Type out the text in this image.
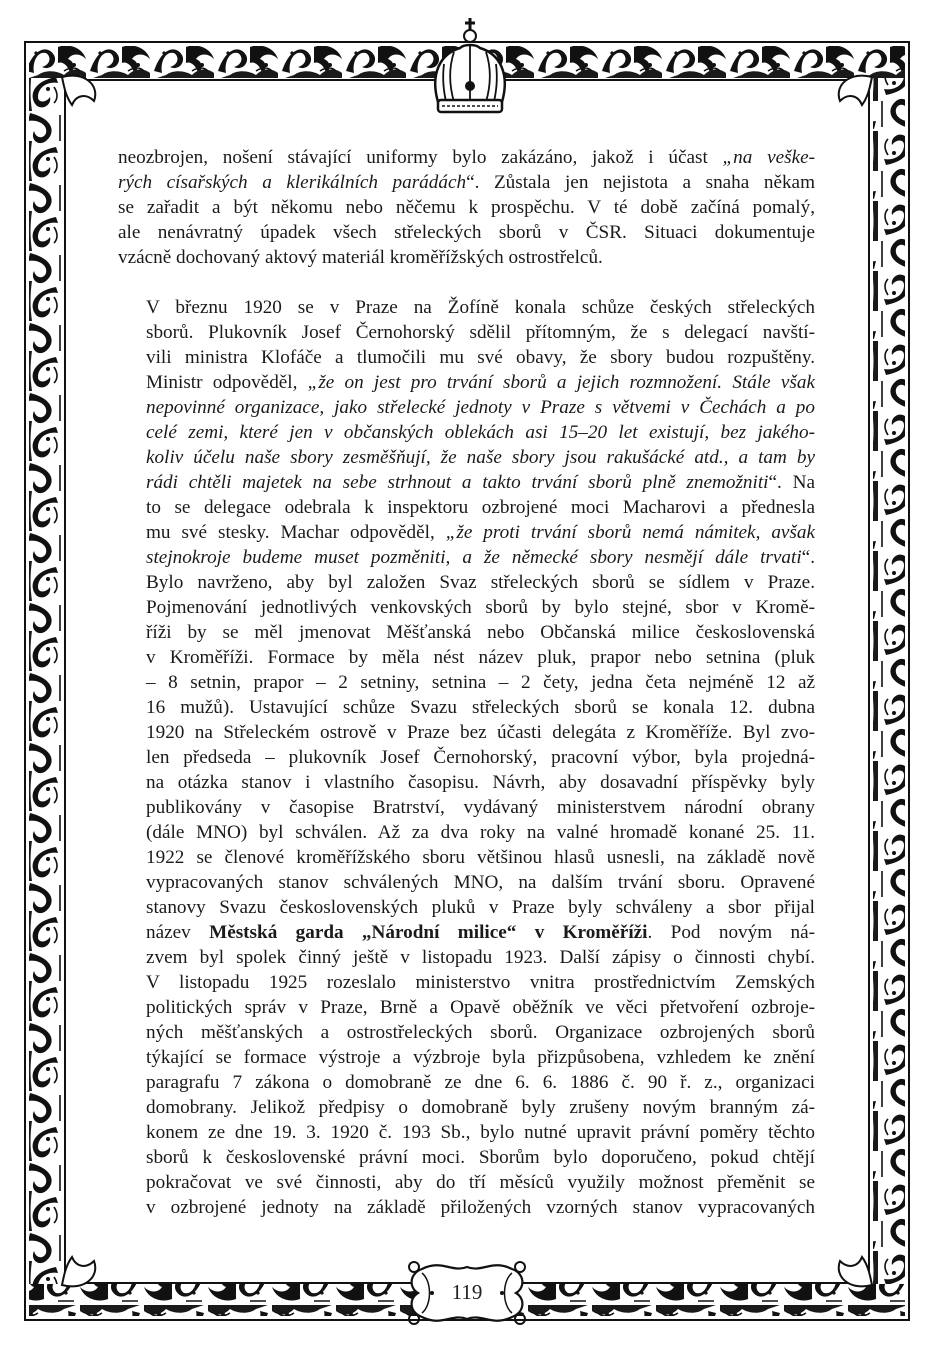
119

neozbrojen, nošení stávající uniformy bylo zakázáno, jakož i účast „na veške-
rých císařských a klerikálních parádách“. Zůstala jen nejistota a snaha někam
se zařadit a být někomu nebo něčemu k prospěchu. V té době začíná pomalý,
ale nenávratný úpadek všech střeleckých sborů v ČSR. Situaci dokumentuje
vzácně dochovaný aktový materiál kroměřížských ostrostřelců.

V březnu 1920 se v Praze na Žofíně konala schůze českých střeleckých
sborů. Plukovník Josef Černohorský sdělil přítomným, že s delegací navští-
vili ministra Klofáče a tlumočili mu své obavy, že sbory budou rozpuštěny.
Ministr odpověděl, „že on jest pro trvání sborů a jejich rozmnožení. Stále však
nepovinné organizace, jako střelecké jednoty v Praze s větvemi v Čechách a po
celé zemi, které jen v občanských oblekách asi 15–20 let existují, bez jakého-
koliv účelu naše sbory zesměšňují, že naše sbory jsou rakušácké atd., a tam by
rádi chtěli majetek na sebe strhnout a takto trvání sborů plně znemožniti“. Na
to se delegace odebrala k inspektoru ozbrojené moci Macharovi a přednesla
mu své stesky. Machar odpověděl, „že proti trvání sborů nemá námitek, avšak
stejnokroje budeme muset pozměniti, a že německé sbory nesmějí dále trvati“.
Bylo navrženo, aby byl založen Svaz střeleckých sborů se sídlem v Praze.
Pojmenování jednotlivých venkovských sborů by bylo stejné, sbor v Kromě-
říži by se měl jmenovat Měšťanská nebo Občanská milice československá
v Kroměříži. Formace by měla nést název pluk, prapor nebo setnina (pluk
– 8 setnin, prapor – 2 setniny, setnina – 2 čety, jedna četa nejméně 12 až
16 mužů). Ustavující schůze Svazu střeleckých sborů se konala 12. dubna
1920 na Střeleckém ostrově v Praze bez účasti delegáta z Kroměříže. Byl zvo-
len předseda – plukovník Josef Černohorský, pracovní výbor, byla projedná-
na otázka stanov i vlastního časopisu. Návrh, aby dosavadní příspěvky byly
publikovány v časopise Bratrství, vydávaný ministerstvem národní obrany
(dále MNO) byl schválen. Až za dva roky na valné hromadě konané 25. 11.
1922 se členové kroměřížského sboru většinou hlasů usnesli, na základě nově
vypracovaných stanov schválených MNO, na dalším trvání sboru. Opravené
stanovy Svazu československých pluků v Praze byly schváleny a sbor přijal
název Městská garda „Národní milice“ v Kroměříži. Pod novým ná-
zvem byl spolek činný ještě v listopadu 1923. Další zápisy o činnosti chybí.
V listopadu 1925 rozeslalo ministerstvo vnitra prostřednictvím Zemských
politických správ v Praze, Brně a Opavě oběžník ve věci přetvoření ozbroje-
ných měšťanských a ostrostřeleckých sborů. Organizace ozbrojených sborů
týkající se formace výstroje a výzbroje byla přizpůsobena, vzhledem ke znění
paragrafu 7 zákona o domobraně ze dne 6. 6. 1886 č. 90 ř. z., organizaci
domobrany. Jelikož předpisy o domobraně byly zrušeny novým branným zá-
konem ze dne 19. 3. 1920 č. 193 Sb., bylo nutné upravit právní poměry těchto
sborů k československé právní moci. Sborům bylo doporučeno, pokud chtějí
pokračovat ve své činnosti, aby do tří měsíců využily možnost přeměnit se
v ozbrojené jednoty na základě přiložených vzorných stanov vypracovaných
